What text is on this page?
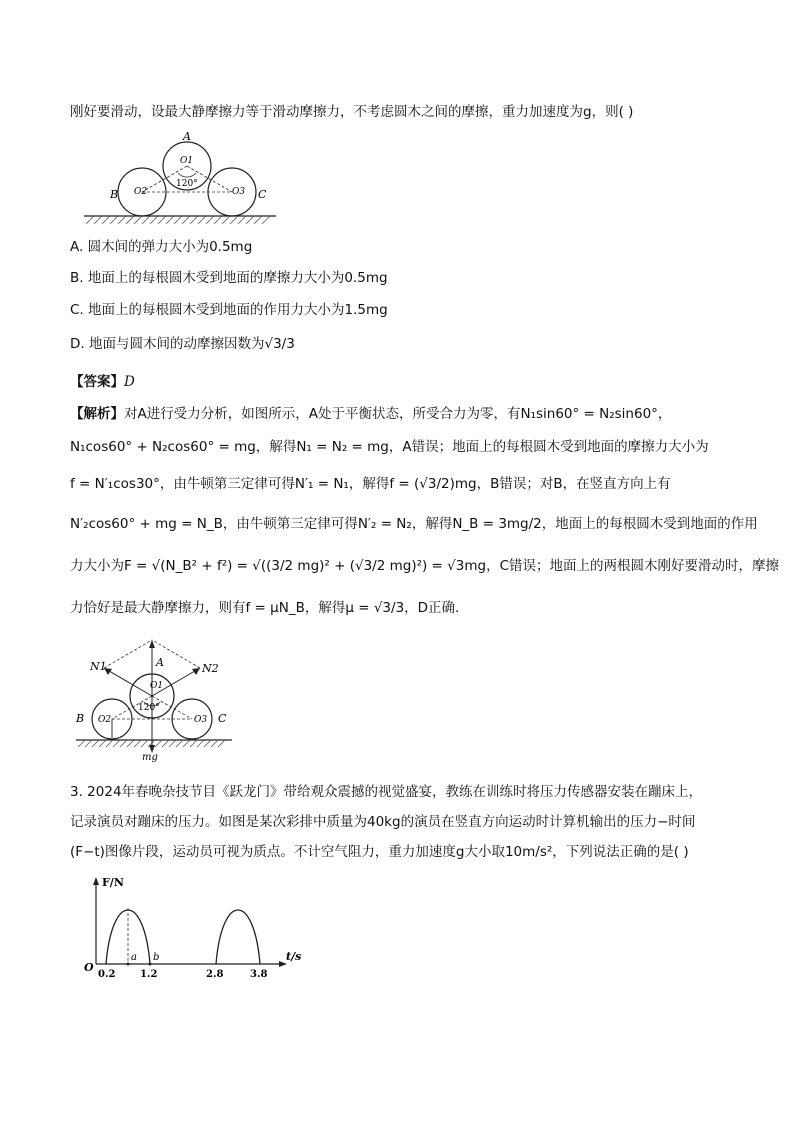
刚好要滑动，设最大静摩擦力等于滑动摩擦力，不考虑圆木之间的摩擦，重力加速度为g，则( )
A
B	C
O1
O2	O3
120°
A. 圆木间的弹力大小为0.5mg
B. 地面上的每根圆木受到地面的摩擦力大小为0.5mg
C. 地面上的每根圆木受到地面的作用力大小为1.5mg
D. 地面与圆木间的动摩擦因数为√3/3
【答案】D
【解析】对A进行受力分析，如图所示，A处于平衡状态，所受合力为零，有N₁sin60° = N₂sin60°，
N₁cos60° + N₂cos60° = mg，解得N₁ = N₂ = mg，A错误；地面上的每根圆木受到地面的摩擦力大小为
f = N′₁cos30°，由牛顿第三定律可得N′₁ = N₁，解得f = (√3/2)mg，B错误；对B，在竖直方向上有
N′₂cos60° + mg = N_B，由牛顿第三定律可得N′₂ = N₂，解得N_B = 3mg/2，地面上的每根圆木受到地面的作用
力大小为F = √(N_B² + f²) = √((3/2 mg)² + (√3/2 mg)²) = √3mg，C错误；地面上的两根圆木刚好要滑动时，摩擦
力恰好是最大静摩擦力，则有f = μN_B，解得μ = √3/3，D正确.
N1	N2
A
O1
O2	O3
B	C
120°
mg
3. 2024年春晚杂技节目《跃龙门》带给观众震撼的视觉盛宴，教练在训练时将压力传感器安装在蹦床上，
记录演员对蹦床的压力。如图是某次彩排中质量为40kg的演员在竖直方向运动时计算机输出的压力−时间
(F−t)图像片段，运动员可视为质点。不计空气阻力，重力加速度g大小取10m/s²，下列说法正确的是( )
F/N
t/s
O
0.2 1.2	2.8	3.8
a b
